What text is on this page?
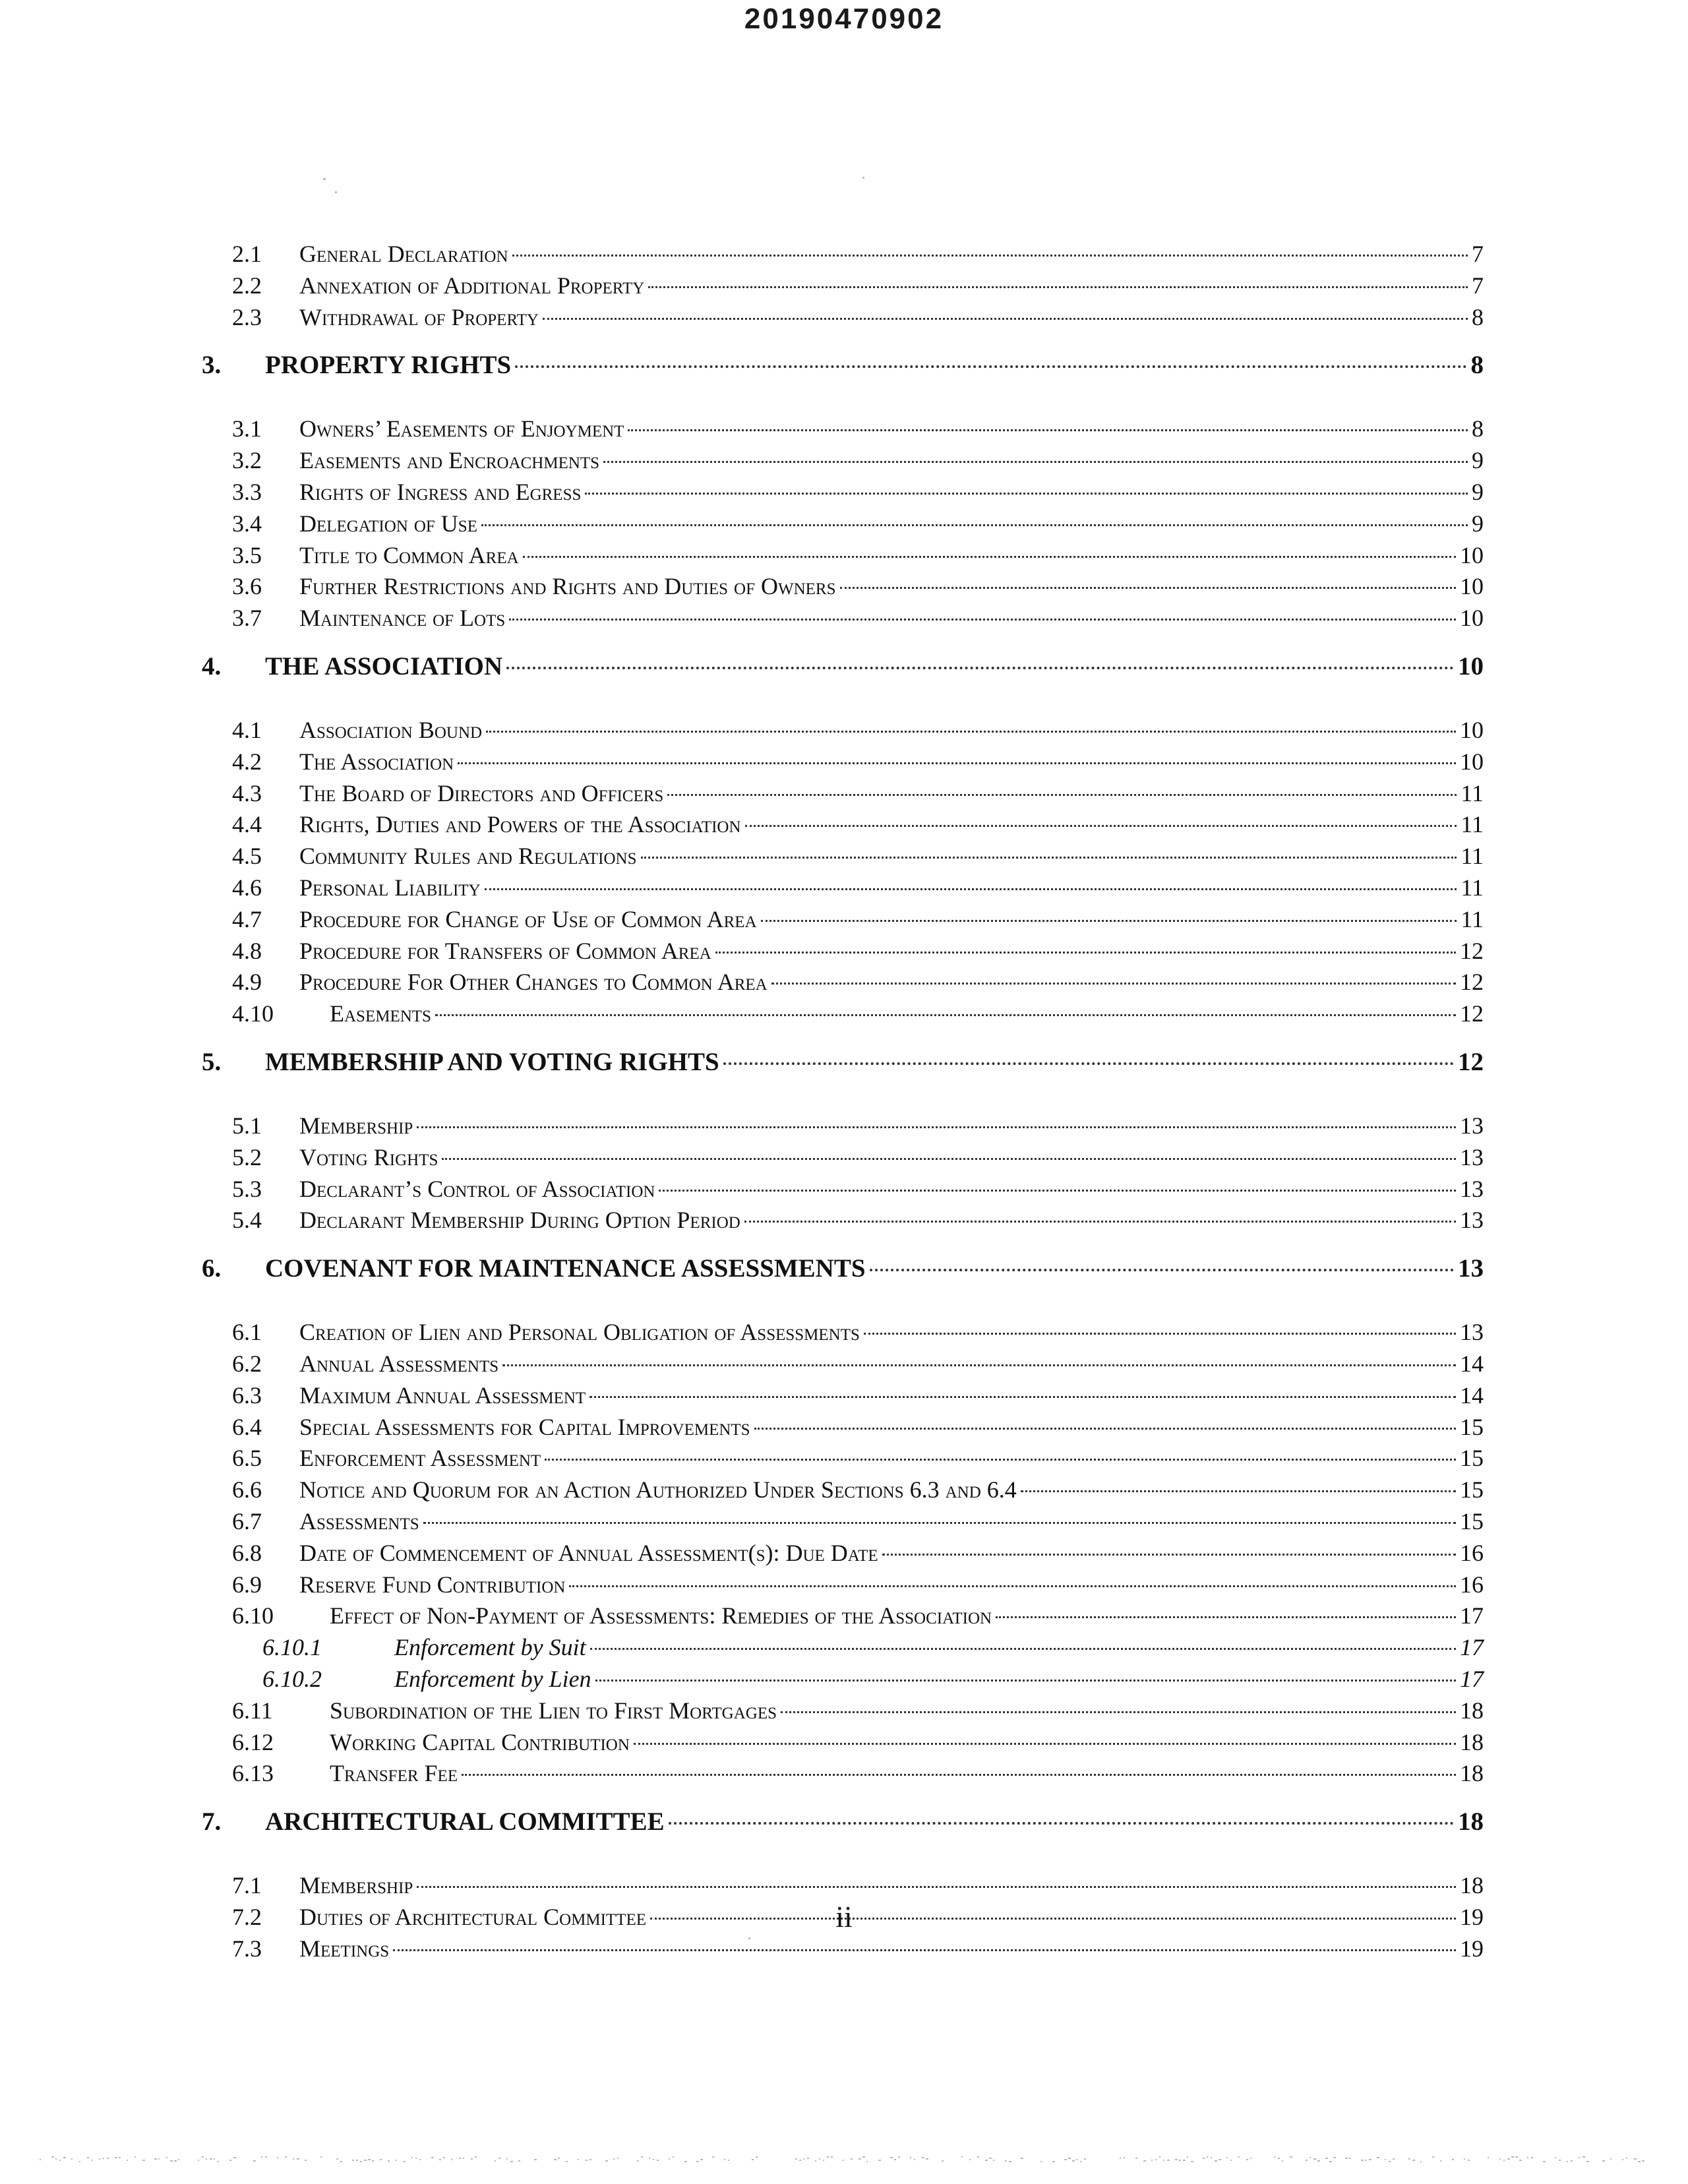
20190470902
2.1	General Declaration	7
2.2	Annexation of Additional Property	7
2.3	Withdrawal of Property	8
3.	PROPERTY RIGHTS	8
3.1	Owners’ Easements of Enjoyment	8
3.2	Easements and Encroachments	9
3.3	Rights of Ingress and Egress	9
3.4	Delegation of Use	9
3.5	Title to Common Area	10
3.6	Further Restrictions and Rights and Duties of Owners	10
3.7	Maintenance of Lots	10
4.	THE ASSOCIATION	10
4.1	Association Bound	10
4.2	The Association	10
4.3	The Board of Directors and Officers	11
4.4	Rights, Duties and Powers of the Association	11
4.5	Community Rules and Regulations	11
4.6	Personal Liability	11
4.7	Procedure for Change of Use of Common Area	11
4.8	Procedure for Transfers of Common Area	12
4.9	Procedure For Other Changes to Common Area	12
4.10	Easements	12
5.	MEMBERSHIP AND VOTING RIGHTS	12
5.1	Membership	13
5.2	Voting Rights	13
5.3	Declarant’s Control of Association	13
5.4	Declarant Membership During Option Period	13
6.	COVENANT FOR MAINTENANCE ASSESSMENTS	13
6.1	Creation of Lien and Personal Obligation of Assessments	13
6.2	Annual Assessments	14
6.3	Maximum Annual Assessment	14
6.4	Special Assessments for Capital Improvements	15
6.5	Enforcement Assessment	15
6.6	Notice and Quorum for an Action Authorized Under Sections 6.3 and 6.4	15
6.7	Assessments	15
6.8	Date of Commencement of Annual Assessment(s): Due Date	16
6.9	Reserve Fund Contribution	16
6.10	Effect of Non-Payment of Assessments: Remedies of the Association	17
6.10.1	Enforcement by Suit	17
6.10.2	Enforcement by Lien	17
6.11	Subordination of the Lien to First Mortgages	18
6.12	Working Capital Contribution	18
6.13	Transfer Fee	18
7.	ARCHITECTURAL COMMITTEE	18
7.1	Membership	18
7.2	Duties of Architectural Committee	19
7.3	Meetings	19
ii
